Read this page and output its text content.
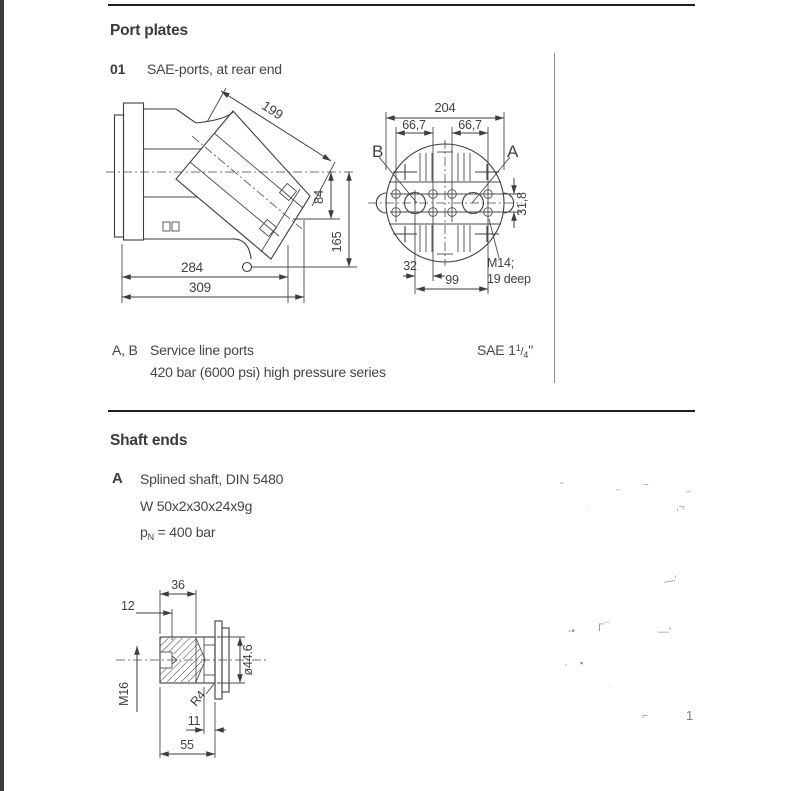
Port plates
01 SAE-ports, at rear end
199
84
165
284
309
204
66,7	66,7
B	A
31,8
32
99
M14;
19 deep
A, B Service line ports
420 bar (6000 psi) high pressure series
SAE $1^1/_4$"
Shaft ends
A Splined shaft, DIN 5480
W 50x2x30x24x9g
$p_N = 400$ bar
36
12
M16
ø44.6
R4
11
55
-	– ~	–
·	,¬
—'
-• Γ¯	—'
- ▪
·
⌐	1
